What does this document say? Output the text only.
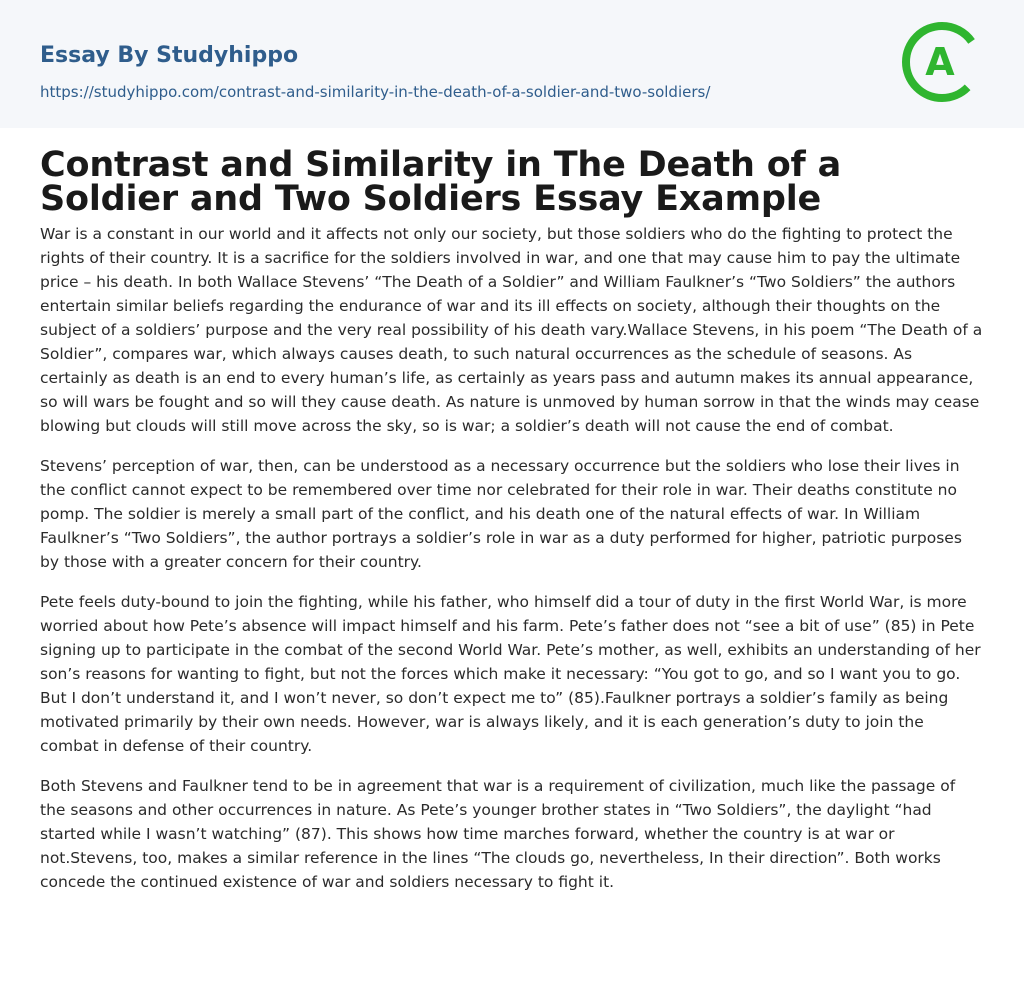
Essay By Studyhippo
https://studyhippo.com/contrast-and-similarity-in-the-death-of-a-soldier-and-two-soldiers/
A
Contrast and Similarity in The Death of a Soldier and Two Soldiers Essay Example

War is a constant in our world and it affects not only our society, but those soldiers who do the fighting to protect the rights of their country. It is a sacrifice for the soldiers involved in war, and one that may cause him to pay the ultimate price – his death. In both Wallace Stevens’ “The Death of a Soldier” and William Faulkner’s “Two Soldiers” the authors entertain similar beliefs regarding the endurance of war and its ill effects on society, although their thoughts on the subject of a soldiers’ purpose and the very real possibility of his death vary.Wallace Stevens, in his poem “The Death of a Soldier”, compares war, which always causes death, to such natural occurrences as the schedule of seasons. As certainly as death is an end to every human’s life, as certainly as years pass and autumn makes its annual appearance, so will wars be fought and so will they cause death. As nature is unmoved by human sorrow in that the winds may cease blowing but clouds will still move across the sky, so is war; a soldier’s death will not cause the end of combat.

Stevens’ perception of war, then, can be understood as a necessary occurrence but the soldiers who lose their lives in the conflict cannot expect to be remembered over time nor celebrated for their role in war. Their deaths constitute no pomp. The soldier is merely a small part of the conflict, and his death one of the natural effects of war. In William Faulkner’s “Two Soldiers”, the author portrays a soldier’s role in war as a duty performed for higher, patriotic purposes by those with a greater concern for their country.

Pete feels duty-bound to join the fighting, while his father, who himself did a tour of duty in the first World War, is more worried about how Pete’s absence will impact himself and his farm. Pete’s father does not “see a bit of use” (85) in Pete signing up to participate in the combat of the second World War. Pete’s mother, as well, exhibits an understanding of her son’s reasons for wanting to fight, but not the forces which make it necessary: “You got to go, and so I want you to go. But I don’t understand it, and I won’t never, so don’t expect me to” (85).Faulkner portrays a soldier’s family as being motivated primarily by their own needs. However, war is always likely, and it is each generation’s duty to join the combat in defense of their country.

Both Stevens and Faulkner tend to be in agreement that war is a requirement of civilization, much like the passage of the seasons and other occurrences in nature. As Pete’s younger brother states in “Two Soldiers”, the daylight “had started while I wasn’t watching” (87). This shows how time marches forward, whether the country is at war or not.Stevens, too, makes a similar reference in the lines “The clouds go, nevertheless, In their direction”. Both works concede the continued existence of war and soldiers necessary to fight it.
